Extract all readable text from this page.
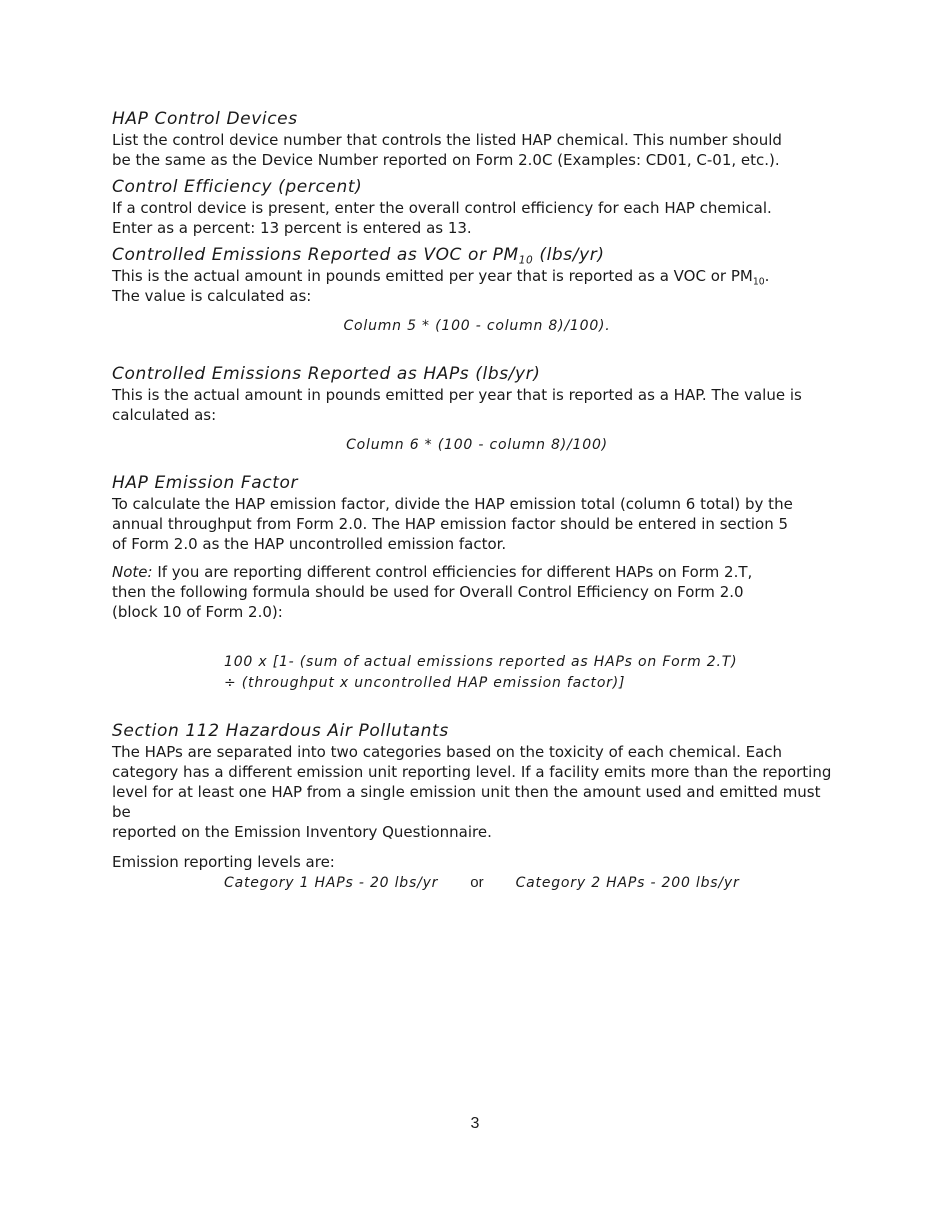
HAP Control Devices

List the control device number that controls the listed HAP chemical. This number should

be the same as the Device Number reported on Form 2.0C (Examples: CD01, C-01, etc.).

Control Efficiency (percent)

If a control device is present, enter the overall control efficiency for each HAP chemical.

Enter as a percent: 13 percent is entered as 13.

Controlled Emissions Reported as VOC or $PM_{10}$ (lbs/yr)

This is the actual amount in pounds emitted per year that is reported as a VOC or $PM_{10}$.

The value is calculated as:

Column 5 * (100 - column 8)/100).

Controlled Emissions Reported as HAPs (lbs/yr)

This is the actual amount in pounds emitted per year that is reported as a HAP. The value is

calculated as:

Column 6 * (100 - column 8)/100)

HAP Emission Factor

To calculate the HAP emission factor, divide the HAP emission total (column 6 total) by the

annual throughput from Form 2.0. The HAP emission factor should be entered in section 5

of Form 2.0 as the HAP uncontrolled emission factor.

Note: If you are reporting different control efficiencies for different HAPs on Form 2.T,

then the following formula should be used for Overall Control Efficiency on Form 2.0

(block 10 of Form 2.0):

100 x [1- (sum of actual emissions reported as HAPs on Form 2.T)

÷ (throughput x uncontrolled HAP emission factor)]

Section 112 Hazardous Air Pollutants

The HAPs are separated into two categories based on the toxicity of each chemical. Each

category has a different emission unit reporting level. If a facility emits more than the reporting

level for at least one HAP from a single emission unit then the amount used and emitted must be

reported on the Emission Inventory Questionnaire.

Emission reporting levels are:

Category 1 HAPs - 20 lbs/yr or Category 2 HAPs - 200 lbs/yr

3
